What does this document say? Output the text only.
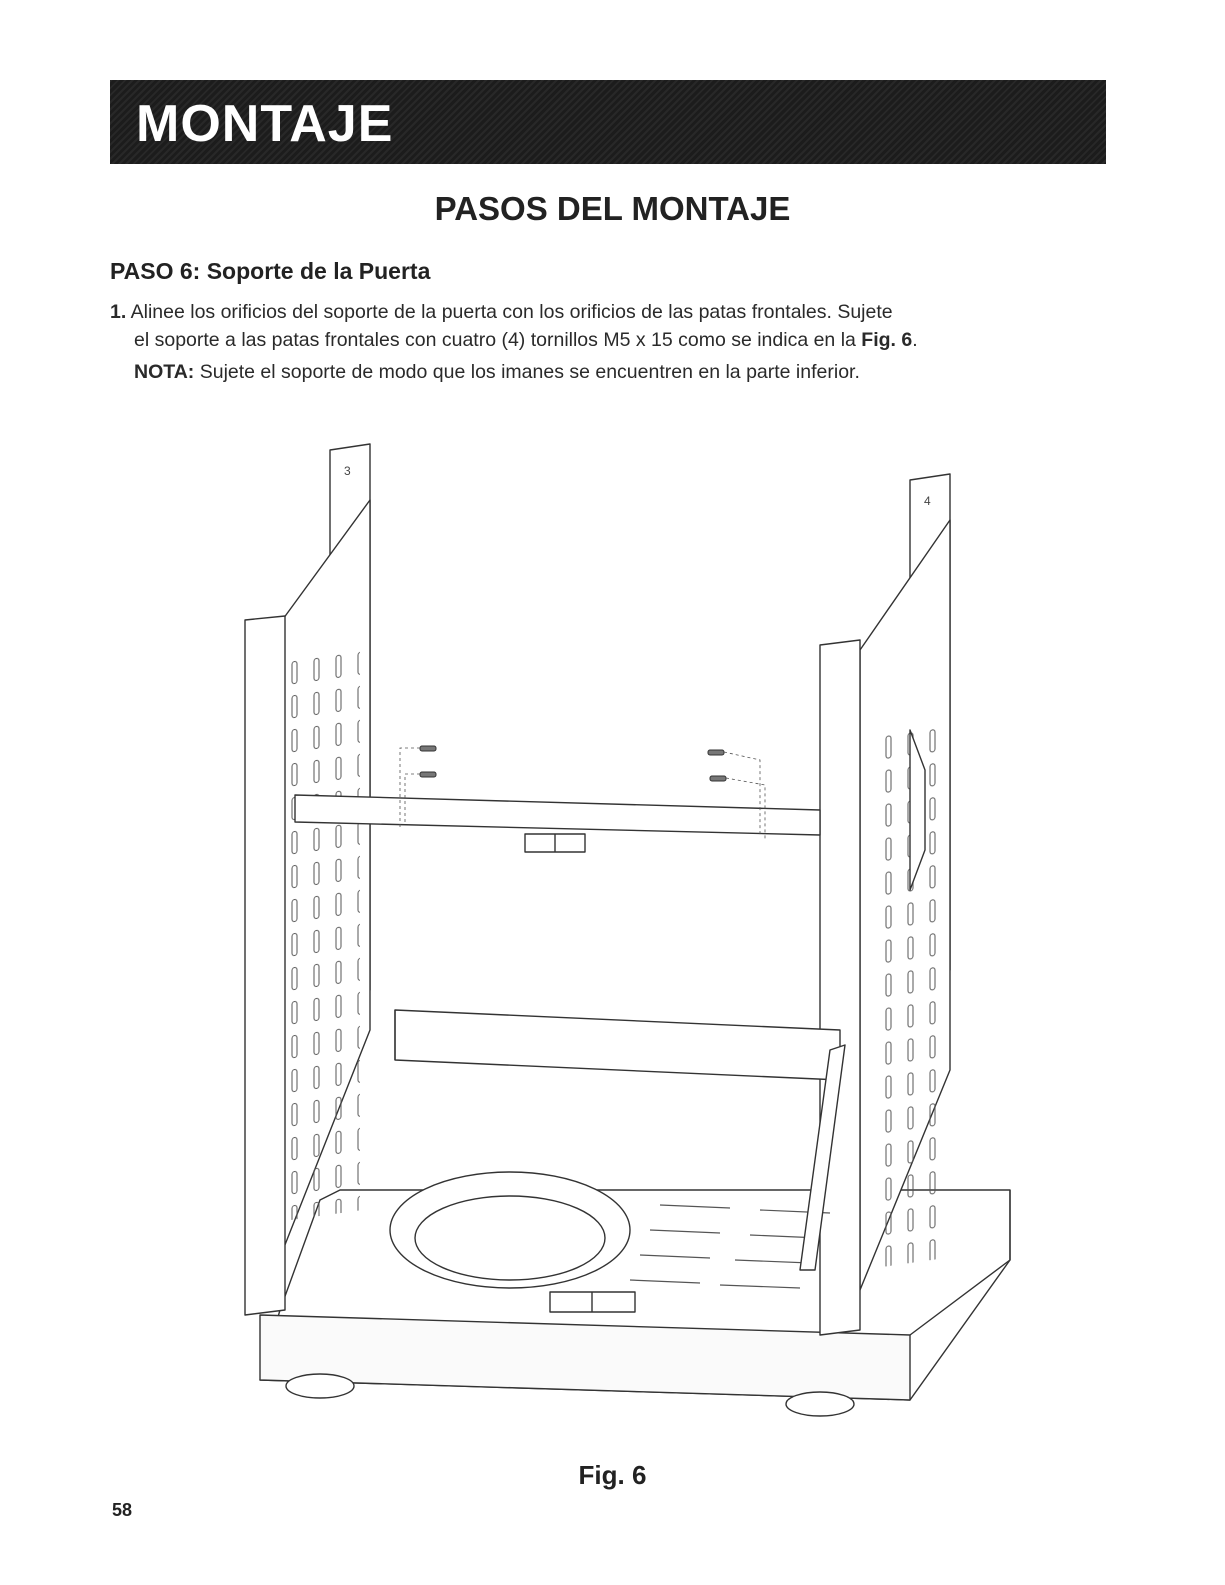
MONTAJE
PASOS DEL MONTAJE
PASO 6: Soporte de la Puerta
1. Alinee los orificios del soporte de la puerta con los orificios de las patas frontales. Sujete
el soporte a las patas frontales con cuatro (4) tornillos M5 x 15 como se indica en la Fig. 6.
NOTA: Sujete el soporte de modo que los imanes se encuentren en la parte inferior.
3
4
Fig. 6
58
